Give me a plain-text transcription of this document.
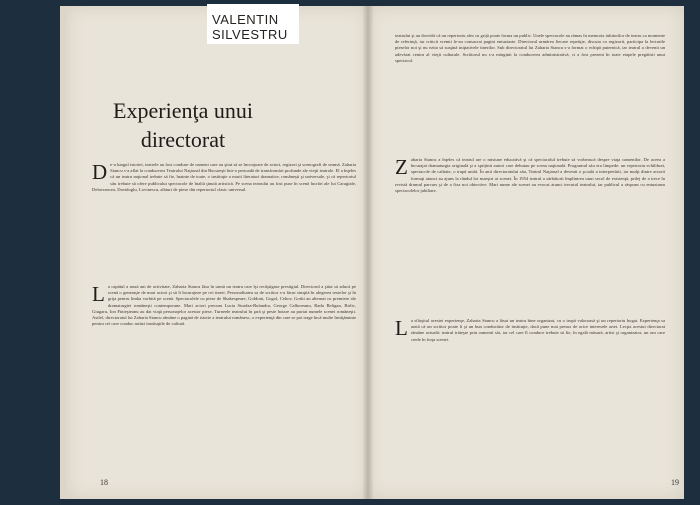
VALENTIN
SILVESTRU
Experienţa unui
directorat
De-a lungul istoriei, teatrele au fost conduse de oameni care au ştiut să se înconjoare de actori, regizori şi scenografi de seamă. Zaharia Stancu s-a aflat la conducerea Teatrului Naţional din Bucureşti într-o perioadă de transformări profunde ale vieţii teatrale. El a înţeles că un teatru naţional trebuie să fie, înainte de toate, o instituţie a marii literaturi dramatice, româneşti şi universale, şi că repertoriul său trebuie să ofere publicului spectacole de înaltă ţinută artistică. Pe scena teatrului au fost puse în scenă lucrări ale lui Caragiale, Delavrancea, Davidoglu, Lovinescu, alături de piese din repertoriul clasic universal.
La capătul a nouă ani de activitate, Zaharia Stancu lăsa în urmă un teatru care îşi recâştigase prestigiul. Directorul a ştiut să aducă pe scenă o generaţie de mari actori şi să îi încurajeze pe cei tineri. Personalitatea sa de scriitor s-a făcut simţită în alegerea textelor şi în grija pentru limba vorbită pe scenă. Spectacolele cu piese de Shakespeare, Goldoni, Gogol, Cehov, Gorki au alternat cu premiere ale dramaturgiei româneşti contemporane. Mari actori precum Lucia Sturdza-Bulandra, George Calboreanu, Radu Beligan, Birlic, Giugaru, Ion Finteşteanu au dat viaţă personajelor acestor piese. Turneele teatrului în ţară şi peste hotare au purtat numele scenei româneşti. Astfel, directoratul lui Zaharia Stancu rămâne o pagină de istorie a teatrului românesc, o experienţă din care se pot trage încă multe învăţăminte pentru cei care conduc astăzi instituţiile de cultură.
18
teatrului şi au dovedit că un repertoriu ales cu grijă poate forma un public. Unele spectacole au rămas în memoria iubitorilor de teatru ca momente de referinţă, iar criticii vremii le-au consacrat pagini entuziaste. Directorul urmărea fiecare repetiţie, discuta cu regizorii, participa la lecturile pieselor noi şi nu ezita să susţină iniţiativele tinerilor. Sub directoratul lui Zaharia Stancu s-a format o echipă puternică, iar teatrul a devenit un adevărat centru al vieţii culturale. Scriitorul nu s-a mărginit la conducerea administrativă, ci a fost prezent în toate etapele pregătirii unui spectacol.
Zaharia Stancu a înţeles că teatrul are o misiune educativă şi că spectacolul trebuie să vorbească despre viaţa oamenilor. De aceea a încurajat dramaturgia originală şi a sprijinit autori care debutau pe scena naţională. Programul său era limpede: un repertoriu echilibrat, spectacole de calitate, o trupă unită. În anii directoratului său, Teatrul Naţional a devenit o şcoală a interpretării, iar mulţi dintre actorii formaţi atunci au ajuns la rândul lor maeştri ai scenei. În 1954 teatrul a sărbătorit împlinirea unui secol de existenţă, prilej de a trece în revistă drumul parcurs şi de a fixa noi obiective. Mari nume ale scenei au evocat atunci trecutul teatrului, iar publicul a răspuns cu entuziasm spectacolelor jubiliare.
La sfârşitul acestei experienţe, Zaharia Stancu a lăsat un teatru bine organizat, cu o trupă valoroasă şi un repertoriu bogat. Experienţa sa arată că un scriitor poate fi şi un bun conducător de instituţie, dacă pune mai presus de orice interesele artei. Lecţia acestui directorat rămâne actuală: teatrul trăieşte prin oamenii săi, iar cel care îl conduce trebuie să fie, în egală măsură, artist şi organizator, un om care crede în forţa scenei.
19
